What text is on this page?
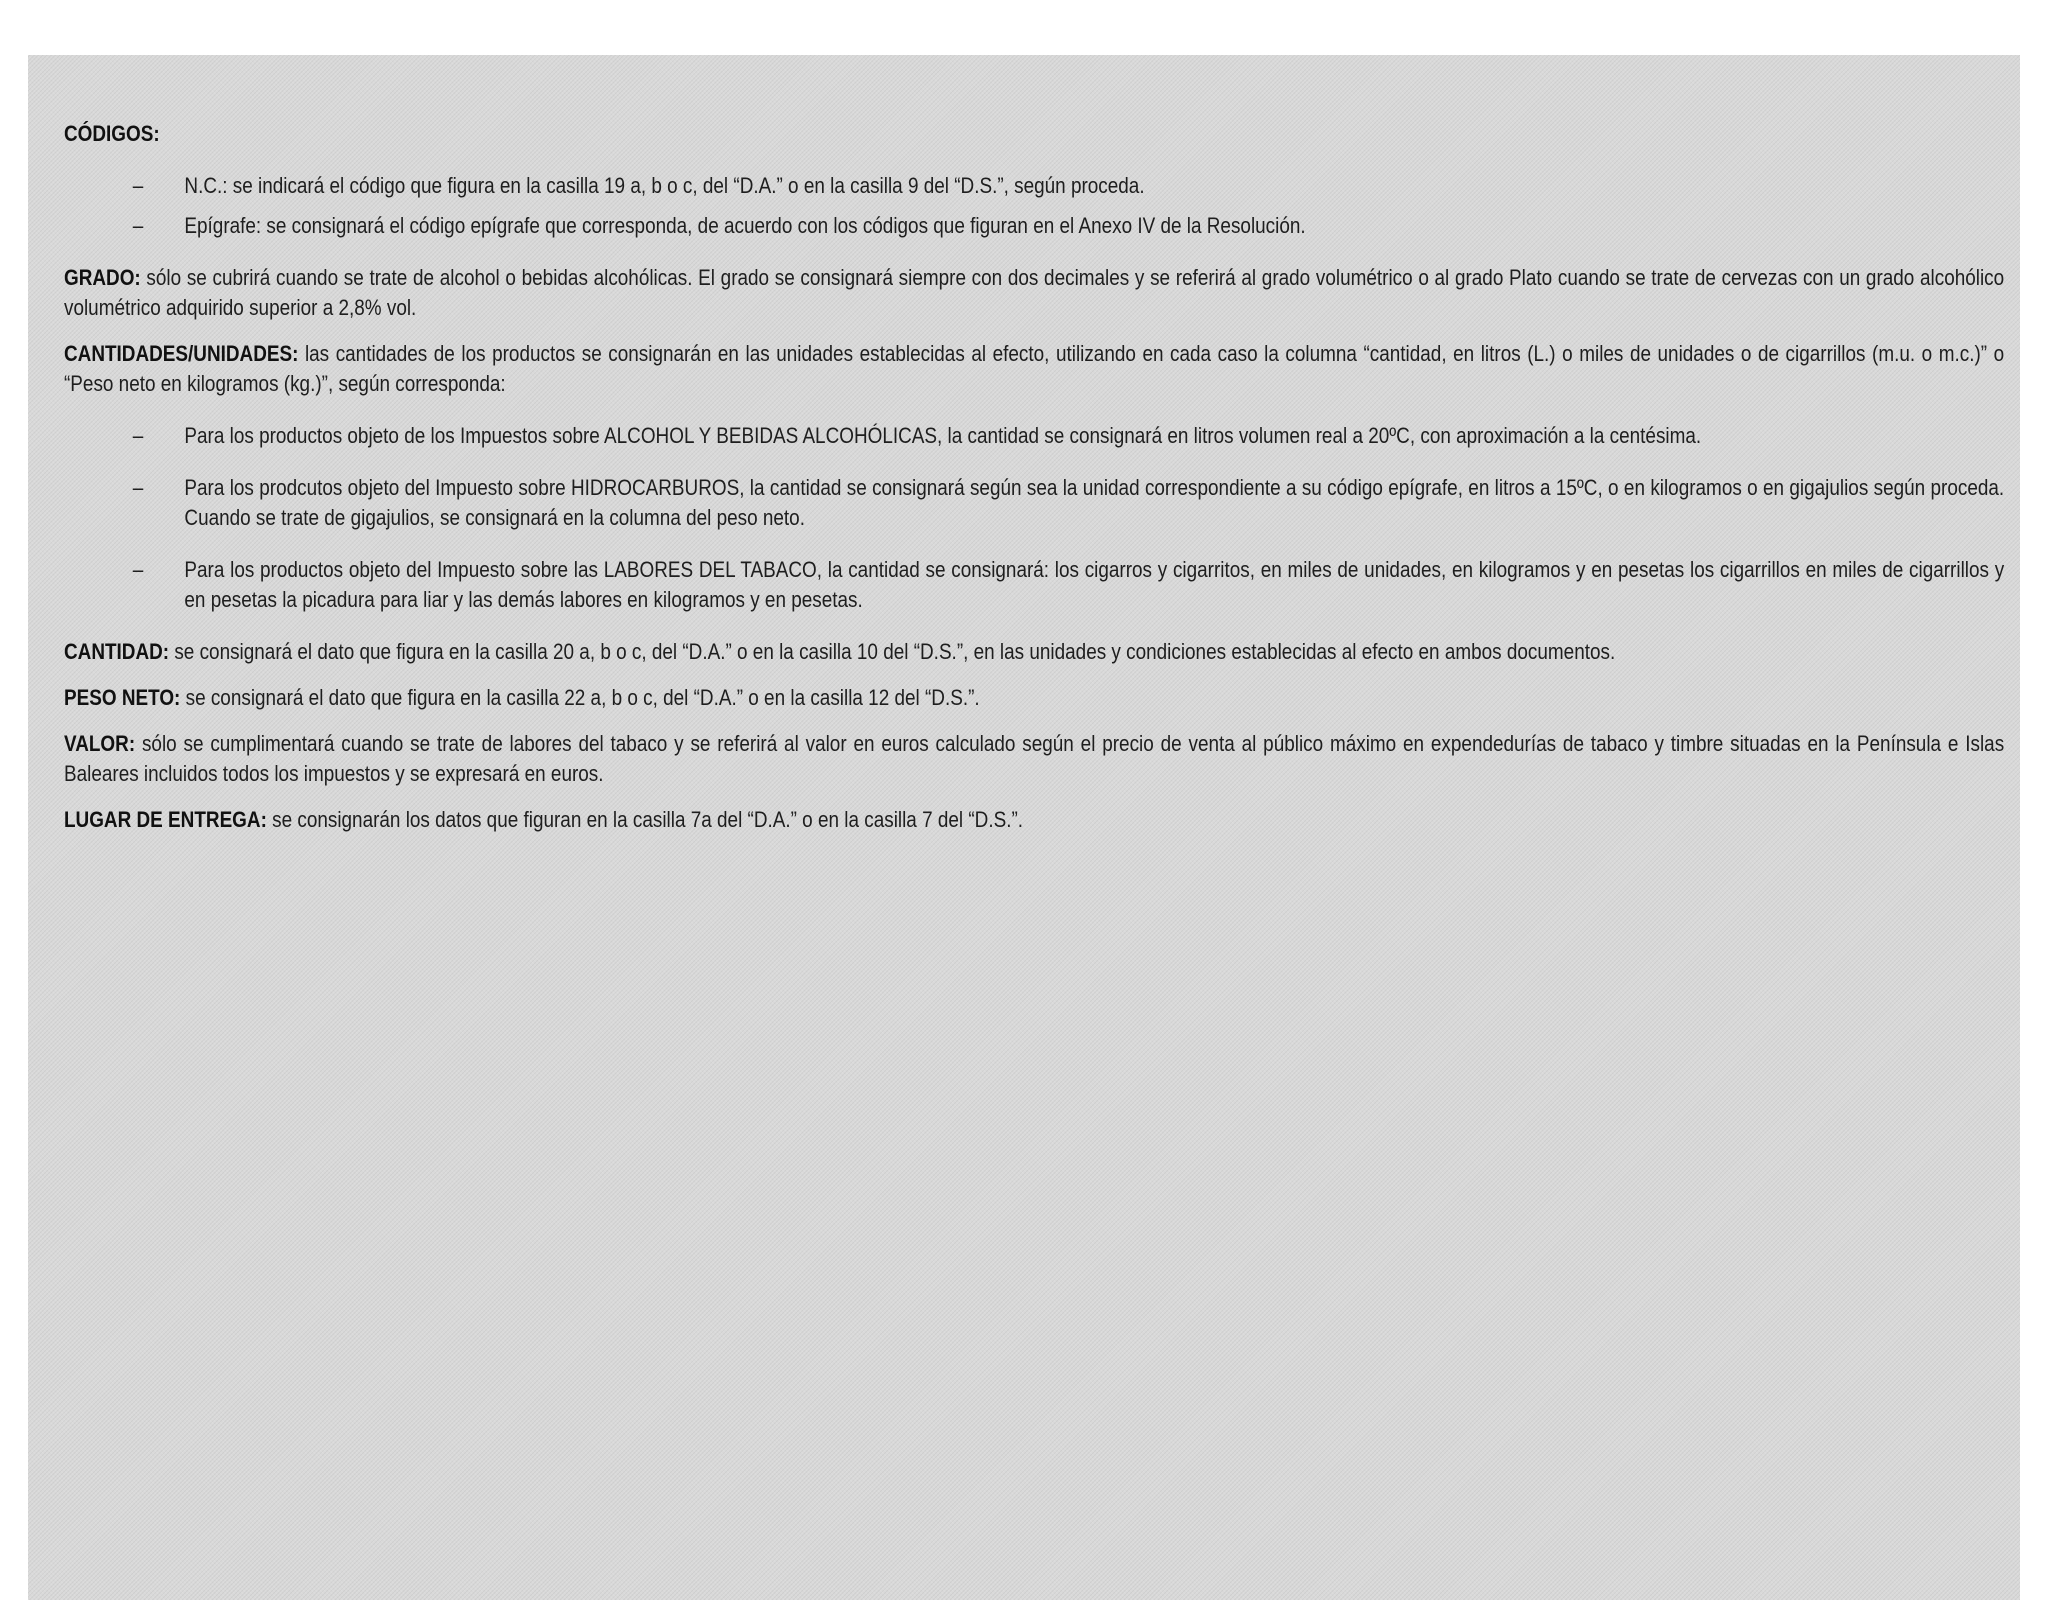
CÓDIGOS:
– N.C.: se indicará el código que figura en la casilla 19 a, b o c, del “D.A.” o en la casilla 9 del “D.S.”, según proceda.
– Epígrafe: se consignará el código epígrafe que corresponda, de acuerdo con los códigos que figuran en el Anexo IV de la Resolución.

GRADO: sólo se cubrirá cuando se trate de alcohol o bebidas alcohólicas. El grado se consignará siempre con dos decimales y se referirá al grado volumétrico o al grado Plato cuando se trate de cervezas con un grado alcohólico volumétrico adquirido superior a 2,8% vol.

CANTIDADES/UNIDADES: las cantidades de los productos se consignarán en las unidades establecidas al efecto, utilizando en cada caso la columna “cantidad, en litros (L.) o miles de unidades o de cigarrillos (m.u. o m.c.)” o “Peso neto en kilogramos (kg.)”, según corresponda:

– Para los productos objeto de los Impuestos sobre ALCOHOL Y BEBIDAS ALCOHÓLICAS, la cantidad se consignará en litros volumen real a 20ºC, con aproximación a la centésima.
– Para los prodcutos objeto del Impuesto sobre HIDROCARBUROS, la cantidad se consignará según sea la unidad correspondiente a su código epígrafe, en litros a 15ºC, o en kilogramos o en gigajulios según proceda. Cuando se trate de gigajulios, se consignará en la columna del peso neto.
– Para los productos objeto del Impuesto sobre las LABORES DEL TABACO, la cantidad se consignará: los cigarros y cigarritos, en miles de unidades, en kilogramos y en pesetas los cigarrillos en miles de cigarrillos y en pesetas la picadura para liar y las demás labores en kilogramos y en pesetas.

CANTIDAD: se consignará el dato que figura en la casilla 20 a, b o c, del “D.A.” o en la casilla 10 del “D.S.”, en las unidades y condiciones establecidas al efecto en ambos documentos.

PESO NETO: se consignará el dato que figura en la casilla 22 a, b o c, del “D.A.” o en la casilla 12 del “D.S.”.

VALOR: sólo se cumplimentará cuando se trate de labores del tabaco y se referirá al valor en euros calculado según el precio de venta al público máximo en expendedurías de tabaco y timbre situadas en la Península e Islas Baleares incluidos todos los impuestos y se expresará en euros.

LUGAR DE ENTREGA: se consignarán los datos que figuran en la casilla 7a del “D.A.” o en la casilla 7 del “D.S.”.
